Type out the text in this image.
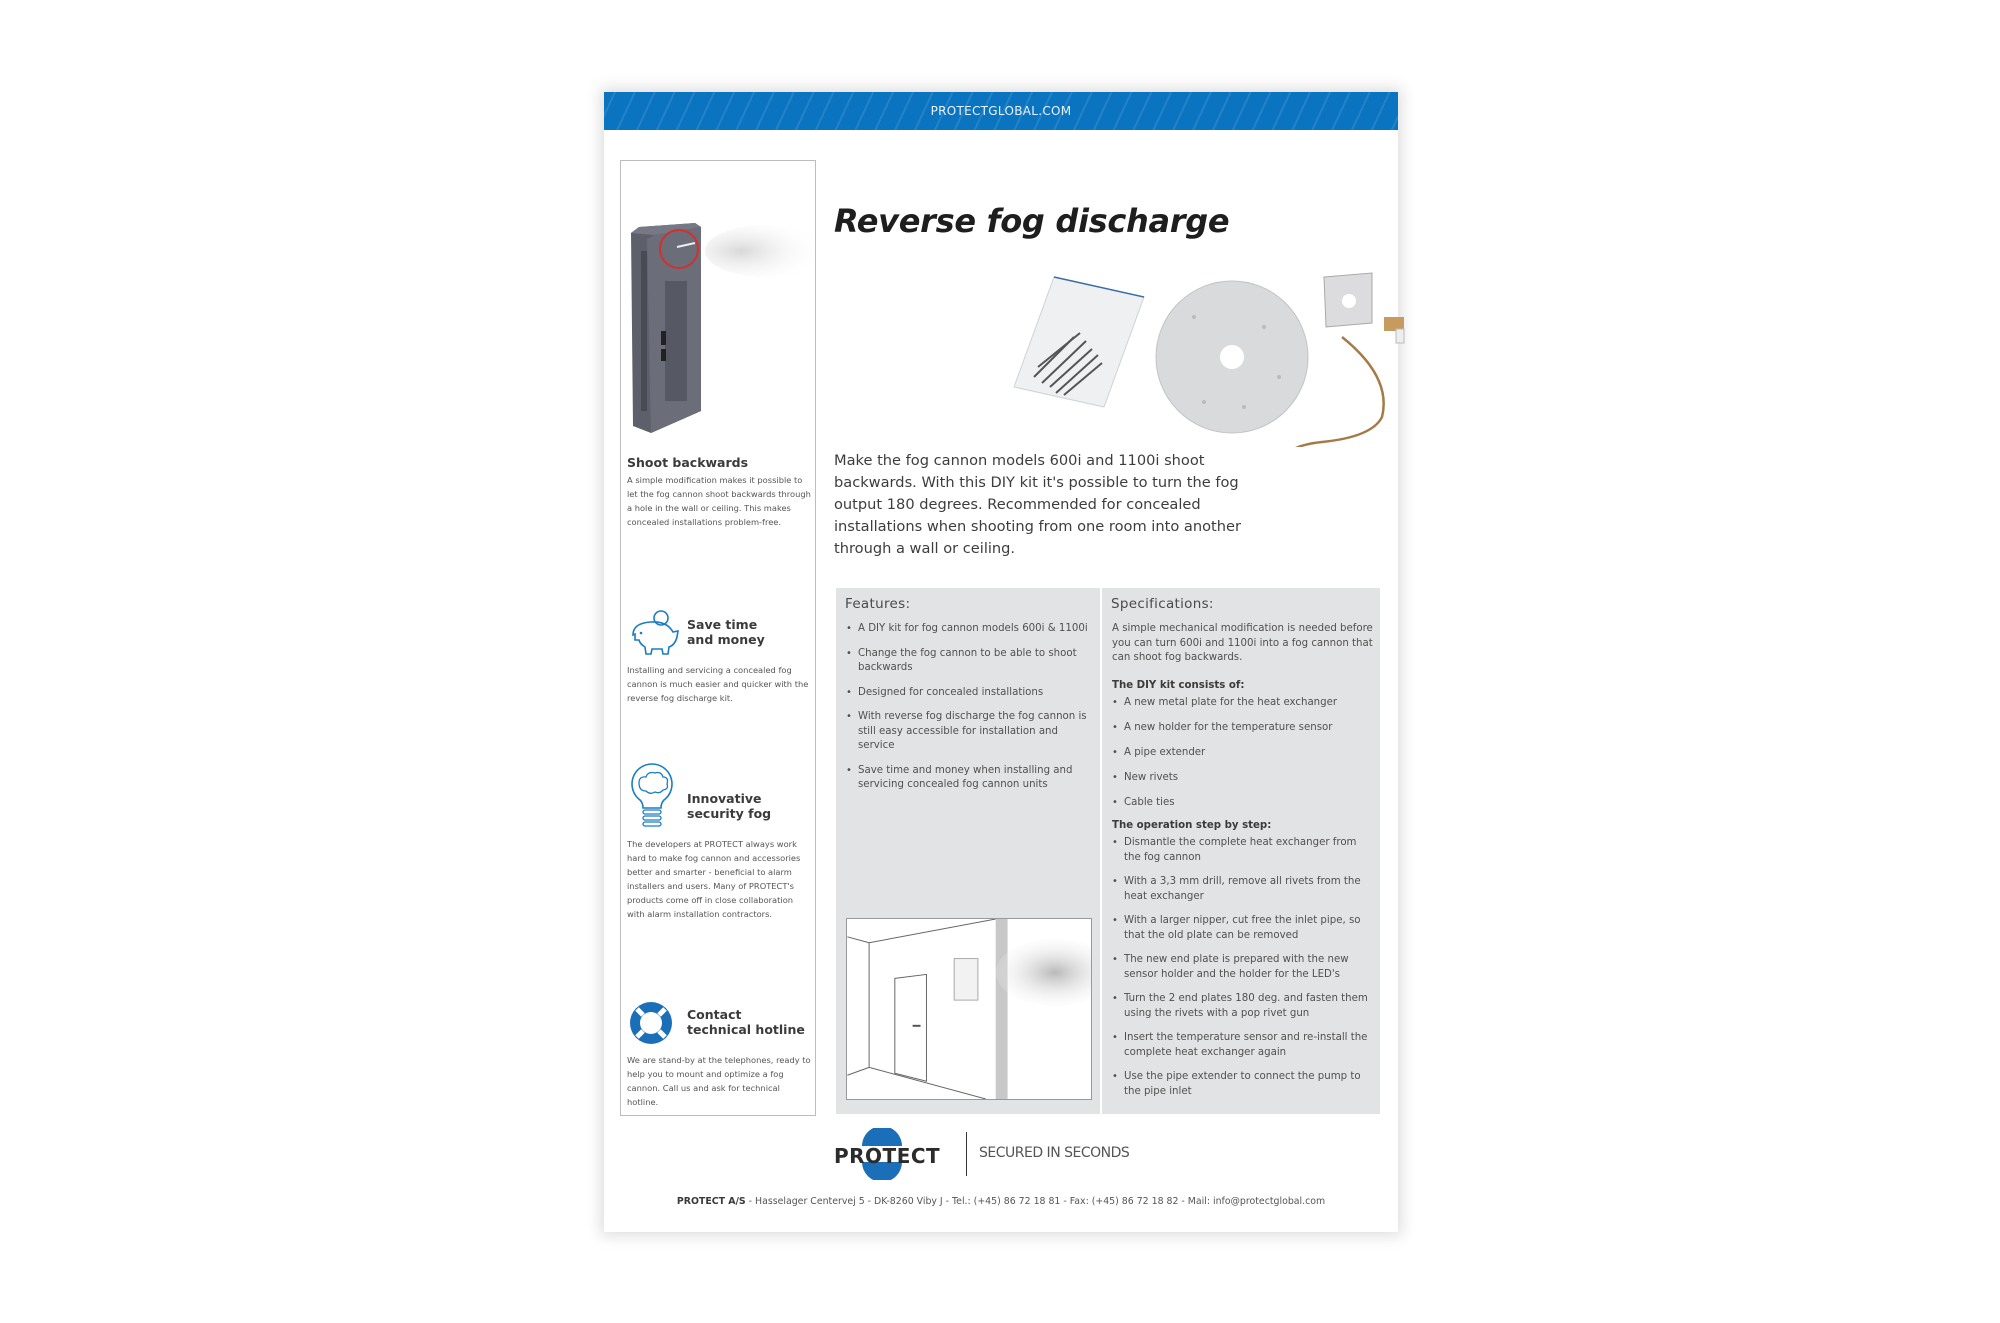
PROTECTGLOBAL.COM
Shoot backwards
A simple modification makes it possible to let the fog cannon shoot backwards through a hole in the wall or ceiling. This makes concealed installations problem-free.
Save time
and money
Installing and servicing a concealed fog cannon is much easier and quicker with the reverse fog discharge kit.
Innovative
security fog
The developers at PROTECT always work hard to make fog cannon and accessories better and smarter - beneficial to alarm installers and users. Many of PROTECT's products come off in close collaboration with alarm installation contractors.
Contact
technical hotline
We are stand-by at the telephones, ready to help you to mount and optimize a fog cannon. Call us and ask for technical hotline.
Reverse fog discharge
Make the fog cannon models 600i and 1100i shoot backwards. With this DIY kit it's possible to turn the fog output 180 degrees. Recommended for concealed installations when shooting from one room into another through a wall or ceiling.
Features:
• A DIY kit for fog cannon models 600i & 1100i
• Change the fog cannon to be able to shoot backwards
• Designed for concealed installations
• With reverse fog discharge the fog cannon is still easy accessible for installation and service
• Save time and money when installing and servicing concealed fog cannon units
Specifications:
A simple mechanical modification is needed before you can turn 600i and 1100i into a fog cannon that can shoot fog backwards.
The DIY kit consists of:
• A new metal plate for the heat exchanger
• A new holder for the temperature sensor
• A pipe extender
• New rivets
• Cable ties
The operation step by step:
• Dismantle the complete heat exchanger from the fog cannon
• With a 3,3 mm drill, remove all rivets from the heat exchanger
• With a larger nipper, cut free the inlet pipe, so that the old plate can be removed
• The new end plate is prepared with the new sensor holder and the holder for the LED's
• Turn the 2 end plates 180 deg. and fasten them using the rivets with a pop rivet gun
• Insert the temperature sensor and re-install the complete heat exchanger again
• Use the pipe extender to connect the pump to the pipe inlet
PROTECT	SECURED IN SECONDS
PROTECT A/S - Hasselager Centervej 5 - DK-8260 Viby J - Tel.: (+45) 86 72 18 81 - Fax: (+45) 86 72 18 82 - Mail: info@protectglobal.com
